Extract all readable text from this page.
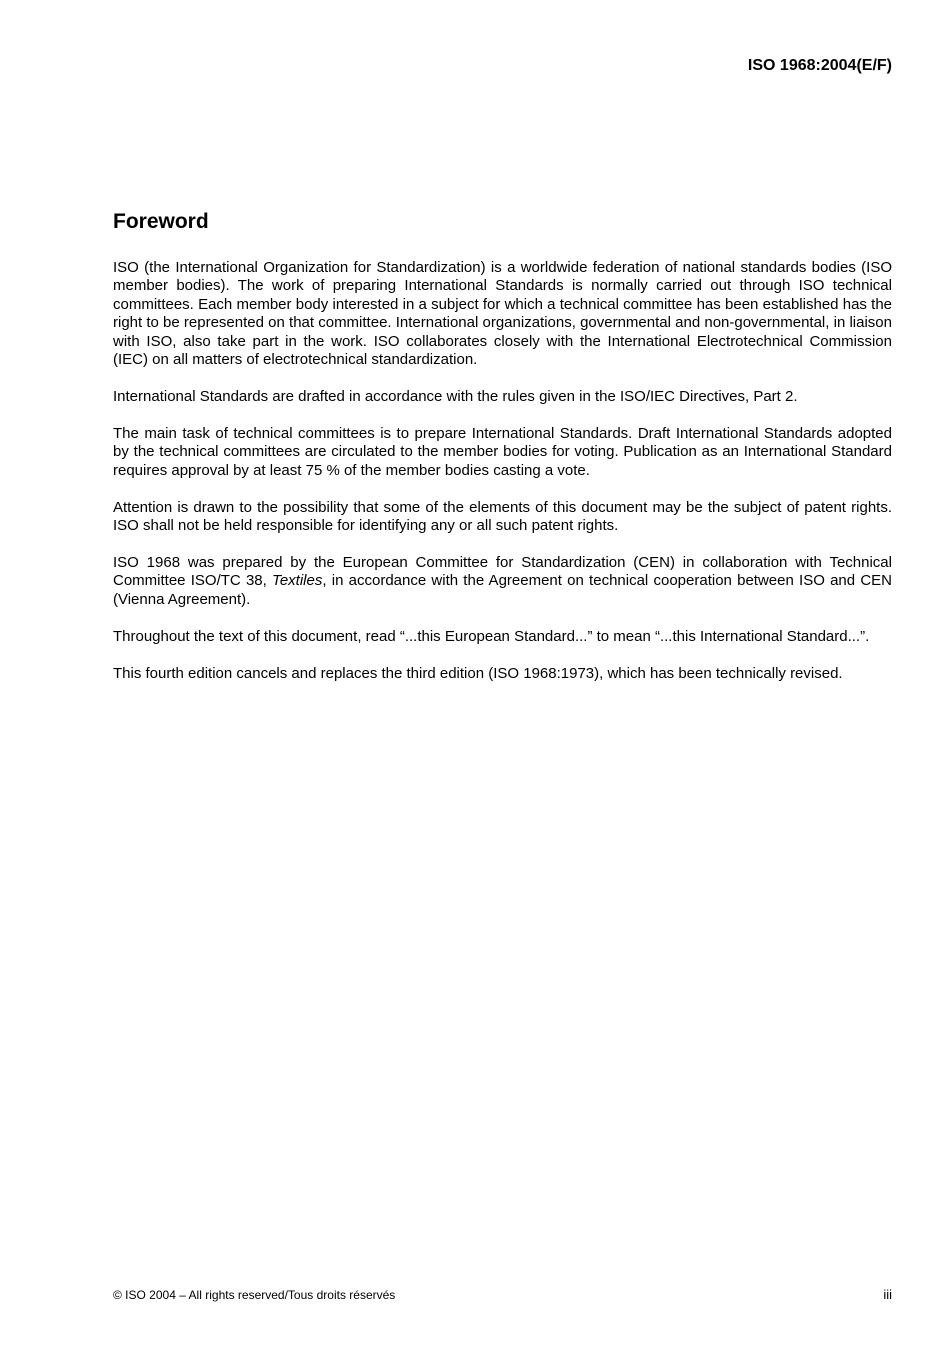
ISO 1968:2004(E/F)

Foreword

ISO (the International Organization for Standardization) is a worldwide federation of national standards bodies (ISO member bodies). The work of preparing International Standards is normally carried out through ISO technical committees. Each member body interested in a subject for which a technical committee has been established has the right to be represented on that committee. International organizations, governmental and non-governmental, in liaison with ISO, also take part in the work. ISO collaborates closely with the International Electrotechnical Commission (IEC) on all matters of electrotechnical standardization.

International Standards are drafted in accordance with the rules given in the ISO/IEC Directives, Part 2.

The main task of technical committees is to prepare International Standards. Draft International Standards adopted by the technical committees are circulated to the member bodies for voting. Publication as an International Standard requires approval by at least 75 % of the member bodies casting a vote.

Attention is drawn to the possibility that some of the elements of this document may be the subject of patent rights. ISO shall not be held responsible for identifying any or all such patent rights.

ISO 1968 was prepared by the European Committee for Standardization (CEN) in collaboration with Technical Committee ISO/TC 38, Textiles, in accordance with the Agreement on technical cooperation between ISO and CEN (Vienna Agreement).

Throughout the text of this document, read “...this European Standard...” to mean “...this International Standard...”.

This fourth edition cancels and replaces the third edition (ISO 1968:1973), which has been technically revised.

© ISO 2004 – All rights reserved/Tous droits réservés	iii
